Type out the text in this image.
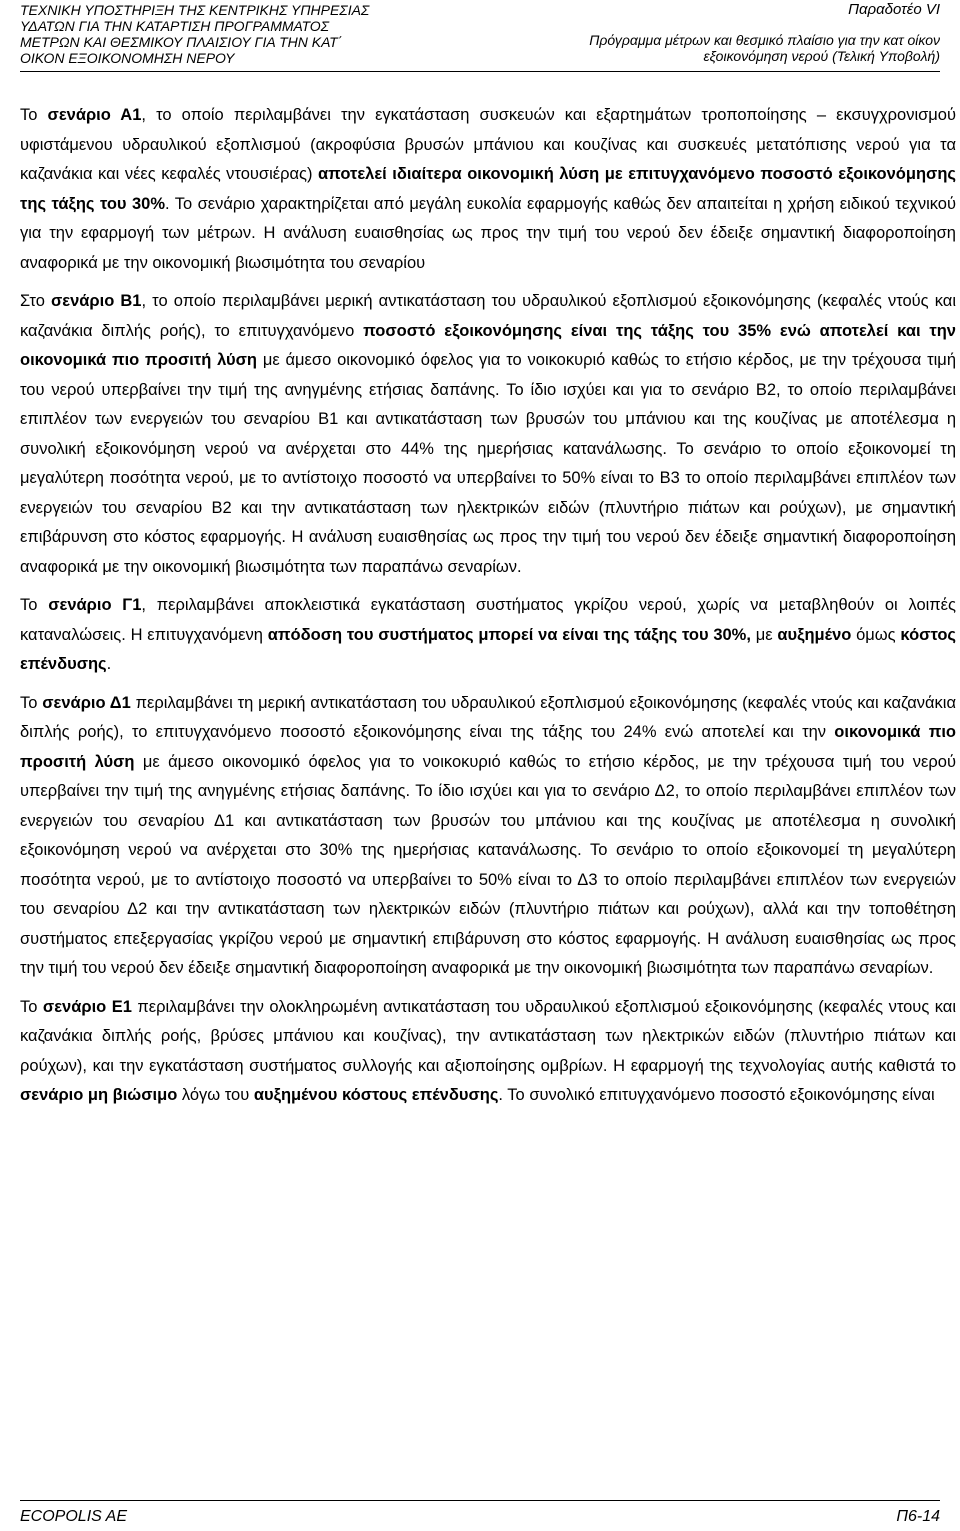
ΤΕΧΝΙΚΗ ΥΠΟΣΤΗΡΙΞΗ ΤΗΣ ΚΕΝΤΡΙΚΗΣ ΥΠΗΡΕΣΙΑΣ
ΥΔΑΤΩΝ ΓΙΑ ΤΗΝ ΚΑΤΑΡΤΙΣΗ ΠΡΟΓΡΑΜΜΑΤΟΣ
ΜΕΤΡΩΝ ΚΑΙ ΘΕΣΜΙΚΟΥ ΠΛΑΙΣΙΟΥ ΓΙΑ ΤΗΝ ΚΑΤ΄
ΟΙΚΟΝ ΕΞΟΙΚΟΝΟΜΗΣΗ ΝΕΡΟΥ
Παραδοτέο VI
Πρόγραμμα μέτρων και θεσμικό πλαίσιο για την κατ οίκον
εξοικονόμηση νερού (Τελική Υποβολή)

Το σενάριο Α1, το οποίο περιλαμβάνει την εγκατάσταση συσκευών και εξαρτημάτων τροποποίησης – εκσυγχρονισμού υφιστάμενου υδραυλικού εξοπλισμού (ακροφύσια βρυσών μπάνιου και κουζίνας και συσκευές μετατόπισης νερού για τα καζανάκια και νέες κεφαλές ντουσιέρας) αποτελεί ιδιαίτερα οικονομική λύση με επιτυγχανόμενο ποσοστό εξοικονόμησης της τάξης του 30%. Το σενάριο χαρακτηρίζεται από μεγάλη ευκολία εφαρμογής καθώς δεν απαιτείται η χρήση ειδικού τεχνικού για την εφαρμογή των μέτρων. Η ανάλυση ευαισθησίας ως προς την τιμή του νερού δεν έδειξε σημαντική διαφοροποίηση αναφορικά με την οικονομική βιωσιμότητα του σεναρίου

Στο σενάριο Β1, το οποίο περιλαμβάνει μερική αντικατάσταση του υδραυλικού εξοπλισμού εξοικονόμησης (κεφαλές ντούς και καζανάκια διπλής ροής), το επιτυγχανόμενο ποσοστό εξοικονόμησης είναι της τάξης του 35% ενώ αποτελεί και την οικονομικά πιο προσιτή λύση με άμεσο οικονομικό όφελος για το νοικοκυριό καθώς το ετήσιο κέρδος, με την τρέχουσα τιμή του νερού υπερβαίνει την τιμή της ανηγμένης ετήσιας δαπάνης. Το ίδιο ισχύει και για το σενάριο Β2, το οποίο περιλαμβάνει επιπλέον των ενεργειών του σεναρίου Β1 και αντικατάσταση των βρυσών του μπάνιου και της κουζίνας με αποτέλεσμα η συνολική εξοικονόμηση νερού να ανέρχεται στο 44% της ημερήσιας κατανάλωσης. Το σενάριο το οποίο εξοικονομεί τη μεγαλύτερη ποσότητα νερού, με το αντίστοιχο ποσοστό να υπερβαίνει το 50% είναι το Β3 το οποίο περιλαμβάνει επιπλέον των ενεργειών του σεναρίου Β2 και την αντικατάσταση των ηλεκτρικών ειδών (πλυντήριο πιάτων και ρούχων), με σημαντική επιβάρυνση στο κόστος εφαρμογής. Η ανάλυση ευαισθησίας ως προς την τιμή του νερού δεν έδειξε σημαντική διαφοροποίηση αναφορικά με την οικονομική βιωσιμότητα των παραπάνω σεναρίων.

Το σενάριο Γ1, περιλαμβάνει αποκλειστικά εγκατάσταση συστήματος γκρίζου νερού, χωρίς να μεταβληθούν οι λοιπές καταναλώσεις. Η επιτυγχανόμενη απόδοση του συστήματος μπορεί να είναι της τάξης του 30%, με αυξημένο όμως κόστος επένδυσης.

Το σενάριο Δ1 περιλαμβάνει τη μερική αντικατάσταση του υδραυλικού εξοπλισμού εξοικονόμησης (κεφαλές ντούς και καζανάκια διπλής ροής), το επιτυγχανόμενο ποσοστό εξοικονόμησης είναι της τάξης του 24% ενώ αποτελεί και την οικονομικά πιο προσιτή λύση με άμεσο οικονομικό όφελος για το νοικοκυριό καθώς το ετήσιο κέρδος, με την τρέχουσα τιμή του νερού υπερβαίνει την τιμή της ανηγμένης ετήσιας δαπάνης. Το ίδιο ισχύει και για το σενάριο Δ2, το οποίο περιλαμβάνει επιπλέον των ενεργειών του σεναρίου Δ1 και αντικατάσταση των βρυσών του μπάνιου και της κουζίνας με αποτέλεσμα η συνολική εξοικονόμηση νερού να ανέρχεται στο 30% της ημερήσιας κατανάλωσης. Το σενάριο το οποίο εξοικονομεί τη μεγαλύτερη ποσότητα νερού, με το αντίστοιχο ποσοστό να υπερβαίνει το 50% είναι το Δ3 το οποίο περιλαμβάνει επιπλέον των ενεργειών του σεναρίου Δ2 και την αντικατάσταση των ηλεκτρικών ειδών (πλυντήριο πιάτων και ρούχων), αλλά και την τοποθέτηση συστήματος επεξεργασίας γκρίζου νερού με σημαντική επιβάρυνση στο κόστος εφαρμογής. Η ανάλυση ευαισθησίας ως προς την τιμή του νερού δεν έδειξε σημαντική διαφοροποίηση αναφορικά με την οικονομική βιωσιμότητα των παραπάνω σεναρίων.

Το σενάριο Ε1 περιλαμβάνει την ολοκληρωμένη αντικατάσταση του υδραυλικού εξοπλισμού εξοικονόμησης (κεφαλές ντους και καζανάκια διπλής ροής, βρύσες μπάνιου και κουζίνας), την αντικατάσταση των ηλεκτρικών ειδών (πλυντήριο πιάτων και ρούχων), και την εγκατάσταση συστήματος συλλογής και αξιοποίησης ομβρίων. Η εφαρμογή της τεχνολογίας αυτής καθιστά το σενάριο μη βιώσιμο λόγω του αυξημένου κόστους επένδυσης. Το συνολικό επιτυγχανόμενο ποσοστό εξοικονόμησης είναι

ECOPOLIS AE	Π6-14
